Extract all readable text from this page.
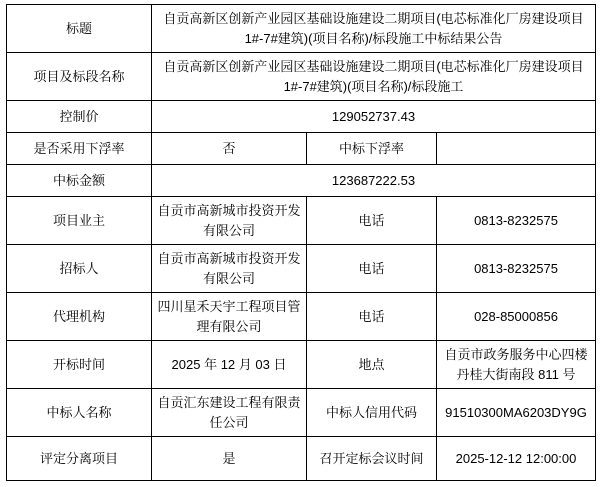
标题	自贡高新区创新产业园区基础设施建设二期项目(电芯标准化厂房建设项目 1#-7#建筑)(项目名称)/标段施工中标结果公告		
项目及标段名称	自贡高新区创新产业园区基础设施建设二期项目(电芯标准化厂房建设项目 1#-7#建筑)(项目名称)/标段施工		
控制价	129052737.43		
是否采用下浮率	否	中标下浮率	
中标金额	123687222.53		
项目业主	自贡市高新城市投资开发有限公司	电话	0813-8232575
招标人	自贡市高新城市投资开发有限公司	电话	0813-8232575
代理机构	四川星禾天宇工程项目管理有限公司	电话	028-85000856
开标时间	2025 年 12 月 03 日	地点	自贡市政务服务中心四楼丹桂大街南段 811 号
中标人名称	自贡汇东建设工程有限责任公司	中标人信用代码	91510300MA6203DY9G
评定分离项目	是	召开定标会议时间	2025-12-12 12:00:00
